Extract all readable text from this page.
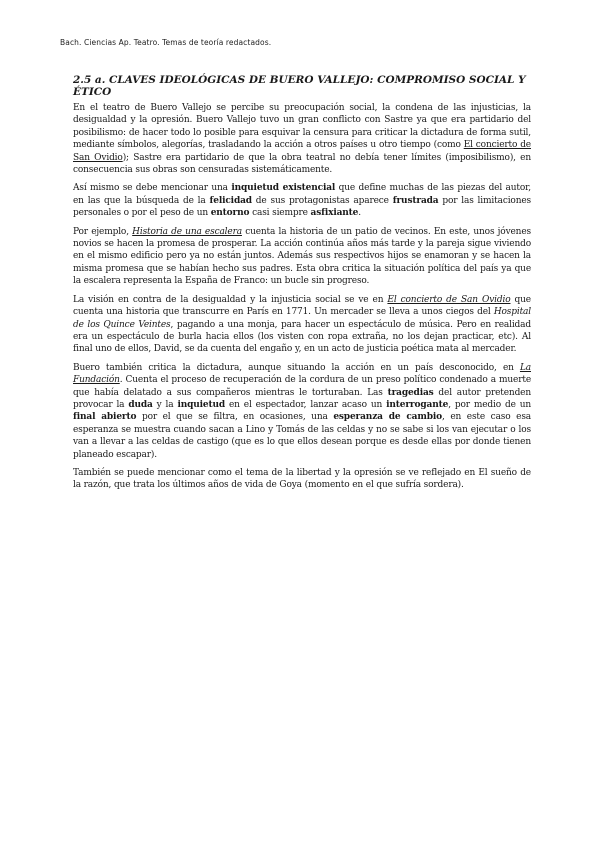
Bach. Ciencias Ap. Teatro. Temas de teoría redactados.
2.5 a. CLAVES IDEOLÓGICAS DE BUERO VALLEJO: COMPROMISO SOCIAL Y ÉTICO

En el teatro de Buero Vallejo se percibe su preocupación social, la condena de las injusticias, la desigualdad y la opresión. Buero Vallejo tuvo un gran conflicto con Sastre ya que era partidario del posibilismo: de hacer todo lo posible para esquivar la censura para criticar la dictadura de forma sutil, mediante símbolos, alegorías, trasladando la acción a otros países u otro tiempo (como El concierto de San Ovidio); Sastre era partidario de que la obra teatral no debía tener límites (imposibilismo), en consecuencia sus obras son censuradas sistemáticamente.

Así mismo se debe mencionar una inquietud existencial que define muchas de las piezas del autor, en las que la búsqueda de la felicidad de sus protagonistas aparece frustrada por las limitaciones personales o por el peso de un entorno casi siempre asfixiante.

Por ejemplo, Historia de una escalera cuenta la historia de un patio de vecinos. En este, unos jóvenes novios se hacen la promesa de prosperar. La acción continúa años más tarde y la pareja sigue viviendo en el mismo edificio pero ya no están juntos. Además sus respectivos hijos se enamoran y se hacen la misma promesa que se habían hecho sus padres. Esta obra critica la situación política del país ya que la escalera representa la España de Franco: un bucle sin progreso.

La visión en contra de la desigualdad y la injusticia social se ve en El concierto de San Ovidio que cuenta una historia que transcurre en París en 1771. Un mercader se lleva a unos ciegos del Hospital de los Quince Veintes, pagando a una monja, para hacer un espectáculo de música. Pero en realidad era un espectáculo de burla hacia ellos (los visten con ropa extraña, no los dejan practicar, etc). Al final uno de ellos, David, se da cuenta del engaño y, en un acto de justicia poética mata al mercader.

Buero también critica la dictadura, aunque situando la acción en un país desconocido, en La Fundación. Cuenta el proceso de recuperación de la cordura de un preso político condenado a muerte que había delatado a sus compañeros mientras le torturaban. Las tragedias del autor pretenden provocar la duda y la inquietud en el espectador, lanzar acaso un interrogante, por medio de un final abierto por el que se filtra, en ocasiones, una esperanza de cambio, en este caso esa esperanza se muestra cuando sacan a Lino y Tomás de las celdas y no se sabe si los van ejecutar o los van a llevar a las celdas de castigo (que es lo que ellos desean porque es desde ellas por donde tienen planeado escapar).

También se puede mencionar como el tema de la libertad y la opresión se ve reflejado en El sueño de la razón, que trata los últimos años de vida de Goya (momento en el que sufría sordera).
